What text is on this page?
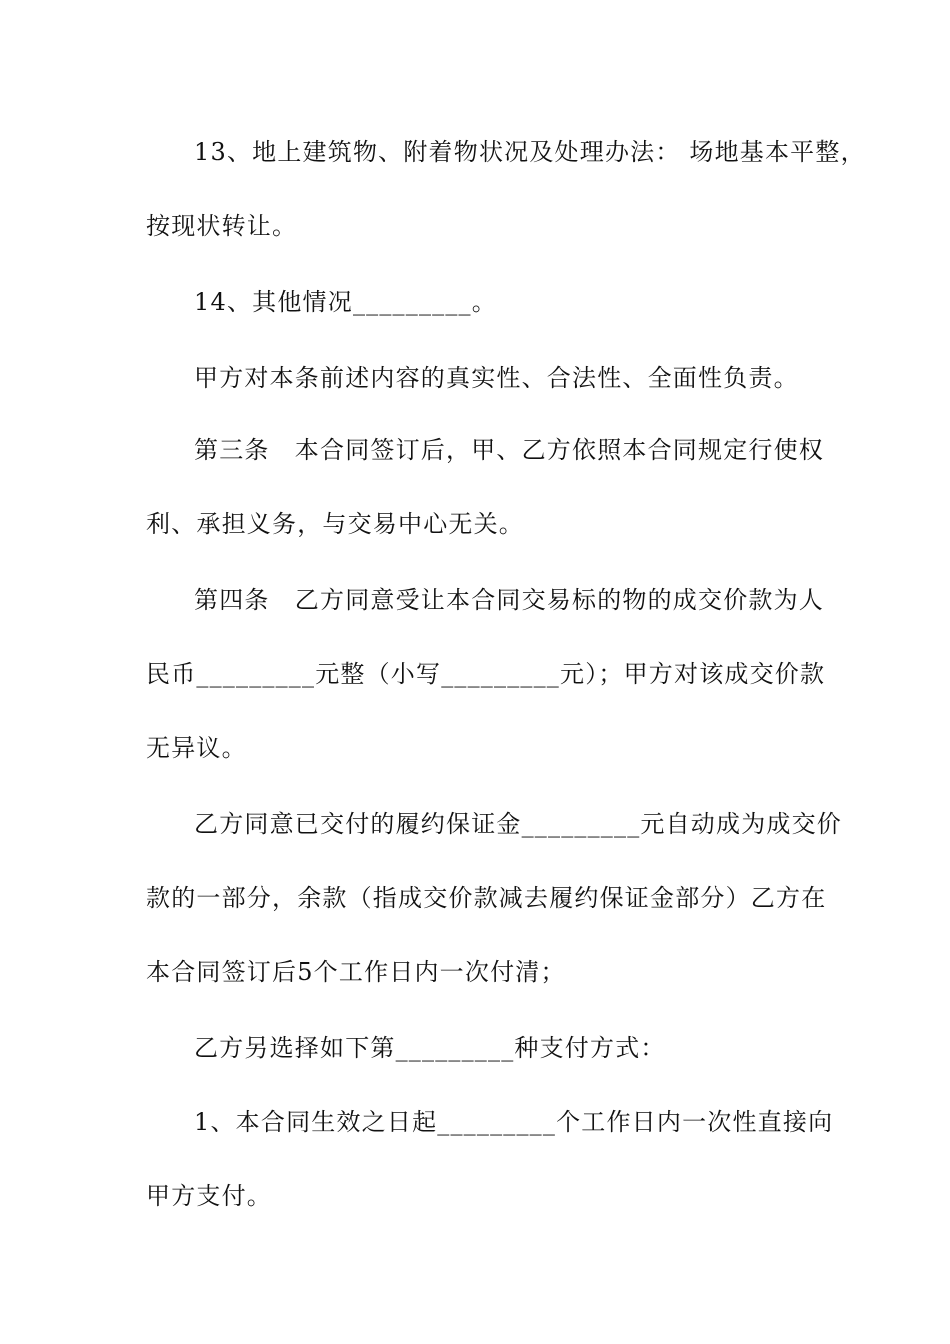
13、地上建筑物、附着物状况及处理办法： 场地基本平整，
按现状转让。
14、其他情况_________。
甲方对本条前述内容的真实性、合法性、全面性负责。
第三条　本合同签订后，甲、乙方依照本合同规定行使权
利、承担义务，与交易中心无关。
第四条　乙方同意受让本合同交易标的物的成交价款为人
民币_________元整（小写_________元）；甲方对该成交价款
无异议。
乙方同意已交付的履约保证金_________元自动成为成交价
款的一部分，余款（指成交价款减去履约保证金部分）乙方在
本合同签订后5个工作日内一次付清；
乙方另选择如下第_________种支付方式：
1、本合同生效之日起_________个工作日内一次性直接向
甲方支付。
